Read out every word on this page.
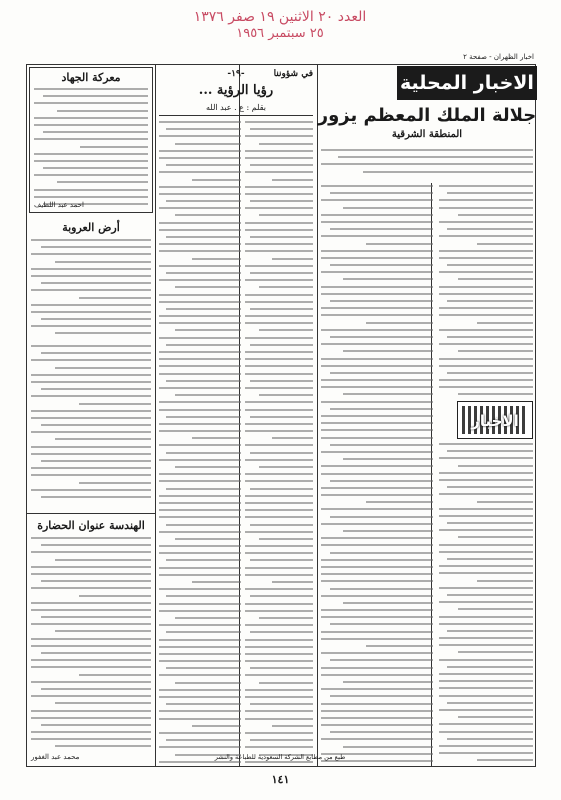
العدد ٢٠ الاثنين ١٩ صفر ١٣٧٦
٢٥ سبتمبر ١٩٥٦
اخبار الظهران - صفحة ٢
الاخبار المحلية
جلالة الملك المعظم يزور
المنطقة الشرقية
الاخبار
في شؤوننا
-١٩-
رؤيا الرؤية ...
بقلم : ع . عبد الله
معركة الجهاد
احمد عبد اللطيف
أرض العروبة
الهندسة عنوان الحضارة
محمد عبد الغفور	طبع من مطابع الشركة السعودية للطباعة والنشر
١٤١
